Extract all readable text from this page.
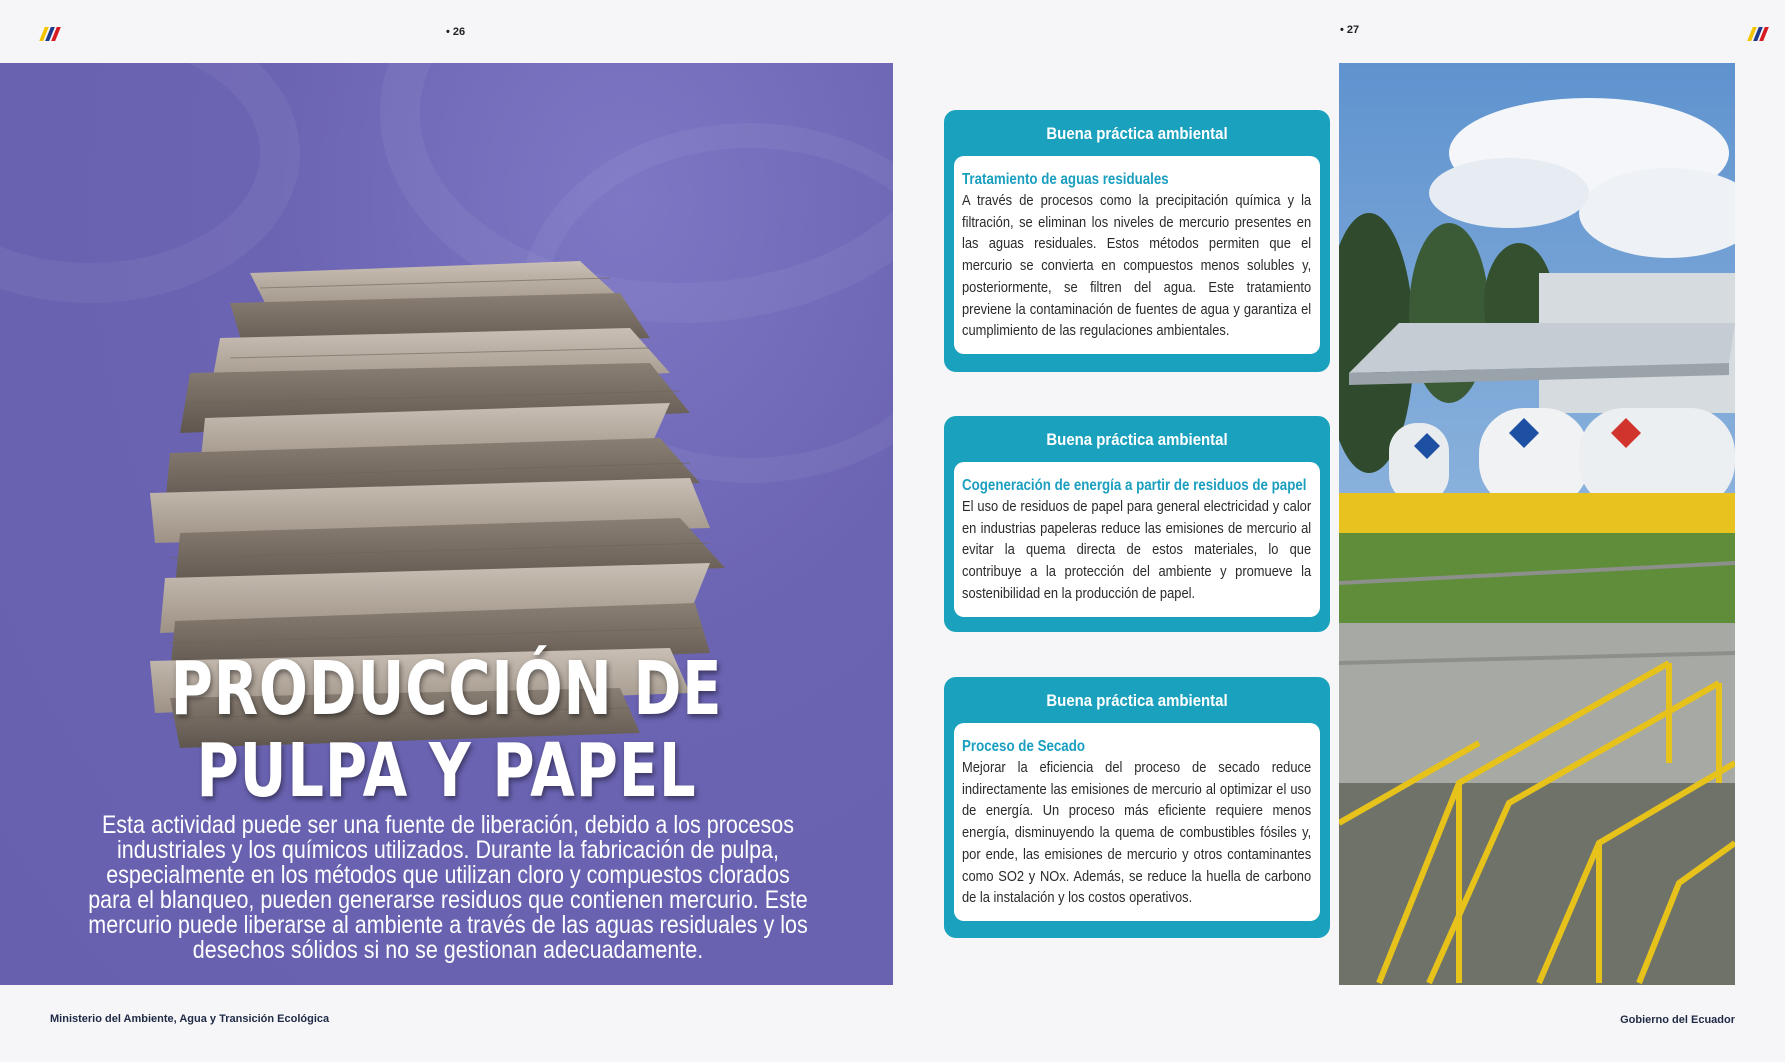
• 26	• 27
PRODUCCIÓN DE
PULPA Y PAPEL
Esta actividad puede ser una fuente de liberación, debido a los procesos industriales y los químicos utilizados. Durante la fabricación de pulpa, especialmente en los métodos que utilizan cloro y compuestos clorados para el blanqueo, pueden generarse residuos que contienen mercurio. Este mercurio puede liberarse al ambiente a través de las aguas residuales y los desechos sólidos si no se gestionan adecuadamente.
Buena práctica ambiental
Tratamiento de aguas residuales
A través de procesos como la precipitación química y la filtración, se eliminan los niveles de mercurio presentes en las aguas residuales. Estos métodos permiten que el mercurio se convierta en compuestos menos solubles y, posteriormente, se filtren del agua. Este tratamiento previene la contaminación de fuentes de agua y garantiza el cumplimiento de las regulaciones ambientales.
Buena práctica ambiental
Cogeneración de energía a partir de residuos de papel
El uso de residuos de papel para general electricidad y calor en industrias papeleras reduce las emisiones de mercurio al evitar la quema directa de estos materiales, lo que contribuye a la protección del ambiente y promueve la sostenibilidad en la producción de papel.
Buena práctica ambiental
Proceso de Secado
Mejorar la eficiencia del proceso de secado reduce indirectamente las emisiones de mercurio al optimizar el uso de energía. Un proceso más eficiente requiere menos energía, disminuyendo la quema de combustibles fósiles y, por ende, las emisiones de mercurio y otros contaminantes como SO2 y NOx. Además, se reduce la huella de carbono de la instalación y los costos operativos.
Ministerio del Ambiente, Agua y Transición Ecológica	Gobierno del Ecuador
